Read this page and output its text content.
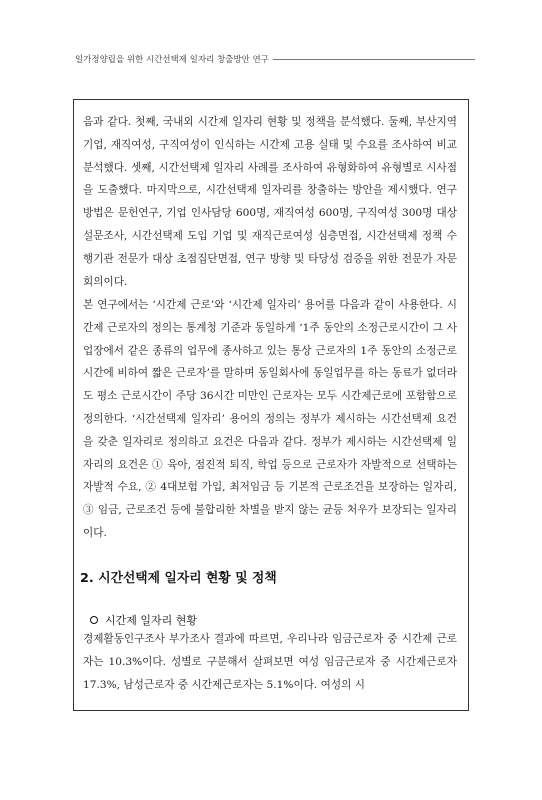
일가정양립을 위한 시간선택제 일자리 창출방안 연구

음과 같다. 첫째, 국내외 시간제 일자리 현황 및 정책을 분석했다. 둘째, 부산지역 기업, 재직여성, 구직여성이 인식하는 시간제 고용 실태 및 수요를 조사하여 비교 분석했다. 셋째, 시간선택제 일자리 사례를 조사하여 유형화하여 유형별로 시사점을 도출했다. 마지막으로, 시간선택제 일자리를 창출하는 방안을 제시했다. 연구방법은 문헌연구, 기업 인사담당 600명, 재직여성 600명, 구직여성 300명 대상 설문조사, 시간선택제 도입 기업 및 재직근로여성 심층면접, 시간선택제 정책 수행기관 전문가 대상 초점집단면접, 연구 방향 및 타당성 검증을 위한 전문가 자문회의이다.

본 연구에서는 ‘시간제 근로’와 ‘시간제 일자리’ 용어를 다음과 같이 사용한다. 시간제 근로자의 정의는 통계청 기준과 동일하게 ‘1주 동안의 소정근로시간이 그 사업장에서 같은 종류의 업무에 종사하고 있는 통상 근로자의 1주 동안의 소정근로시간에 비하여 짧은 근로자’를 말하며 동일회사에 동일업무를 하는 동료가 없더라도 평소 근로시간이 주당 36시간 미만인 근로자는 모두 시간제근로에 포함함으로 정의한다. ‘시간선택제 일자리’ 용어의 정의는 정부가 제시하는 시간선택제 요건을 갖춘 일자리로 정의하고 요건은 다음과 같다. 정부가 제시하는 시간선택제 일자리의 요건은 ① 육아, 점진적 퇴직, 학업 등으로 근로자가 자발적으로 선택하는 자발적 수요, ② 4대보험 가입, 최저임금 등 기본적 근로조건을 보장하는 일자리, ③ 임금, 근로조건 등에 불합리한 차별을 받지 않는 균등 처우가 보장되는 일자리이다.

2. 시간선택제 일자리 현황 및 정책
시간제 일자리 현황

경제활동인구조사 부가조사 결과에 따르면, 우리나라 임금근로자 중 시간제 근로자는 10.3%이다. 성별로 구분해서 살펴보면 여성 임금근로자 중 시간제근로자 17.3%, 남성근로자 중 시간제근로자는 5.1%이다. 여성의 시
